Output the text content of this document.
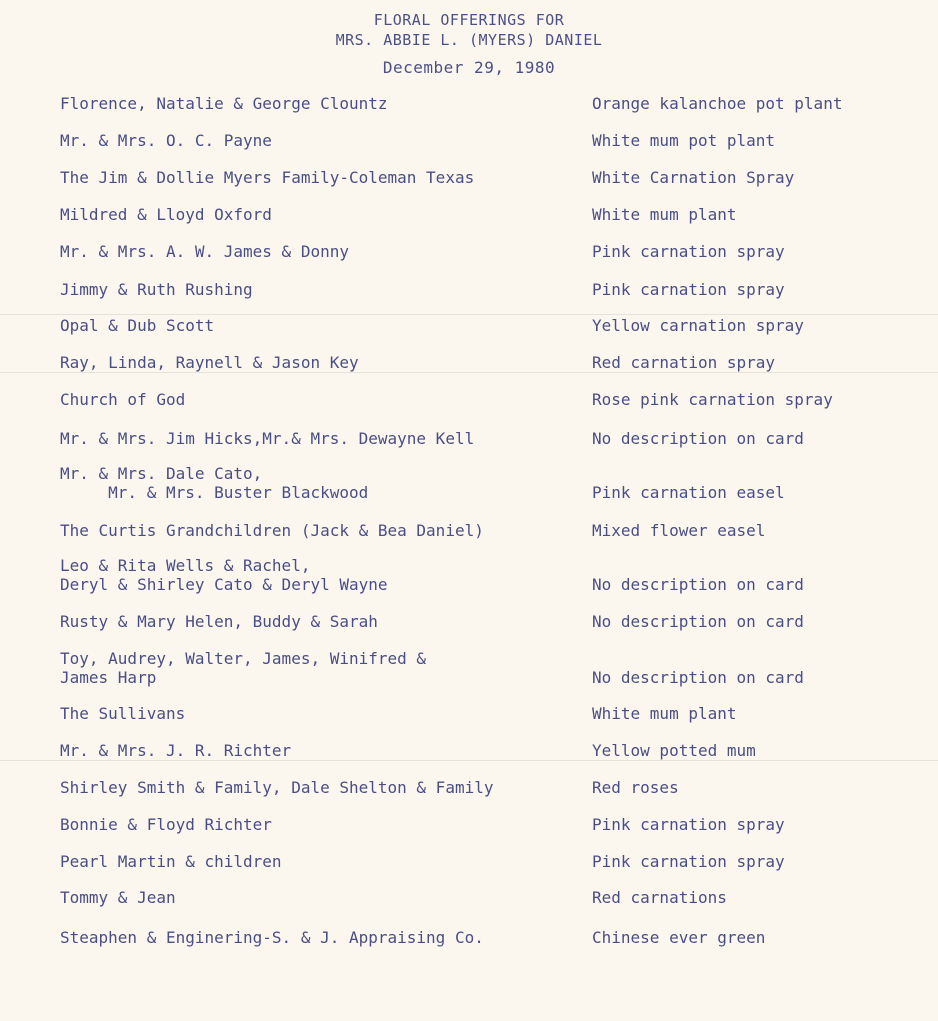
FLORAL OFFERINGS FOR
MRS. ABBIE L. (MYERS) DANIEL
December 29, 1980
Florence, Natalie & George Clountz	Orange kalanchoe pot plant
Mr. & Mrs. O. C. Payne	White mum pot plant
The Jim & Dollie Myers Family-Coleman Texas	White Carnation Spray
Mildred & Lloyd Oxford	White mum plant
Mr. & Mrs. A. W. James & Donny	Pink carnation spray
Jimmy & Ruth Rushing	Pink carnation spray
Opal & Dub Scott	Yellow carnation spray
Ray, Linda, Raynell & Jason Key	Red carnation spray
Church of God	Rose pink carnation spray
Mr. & Mrs. Jim Hicks,Mr.& Mrs. Dewayne Kell	No description on card
Mr. & Mrs. Dale Cato,
Mr. & Mrs. Buster Blackwood	Pink carnation easel
The Curtis Grandchildren (Jack & Bea Daniel)	Mixed flower easel
Leo & Rita Wells & Rachel,
Deryl & Shirley Cato & Deryl Wayne	No description on card
Rusty & Mary Helen, Buddy & Sarah	No description on card
Toy, Audrey, Walter, James, Winifred &
James Harp	No description on card
The Sullivans	White mum plant
Mr. & Mrs. J. R. Richter	Yellow potted mum
Shirley Smith & Family, Dale Shelton & Family	Red roses
Bonnie & Floyd Richter	Pink carnation spray
Pearl Martin & children	Pink carnation spray
Tommy & Jean	Red carnations
Steaphen & Enginering-S. & J. Appraising Co.	Chinese ever green
